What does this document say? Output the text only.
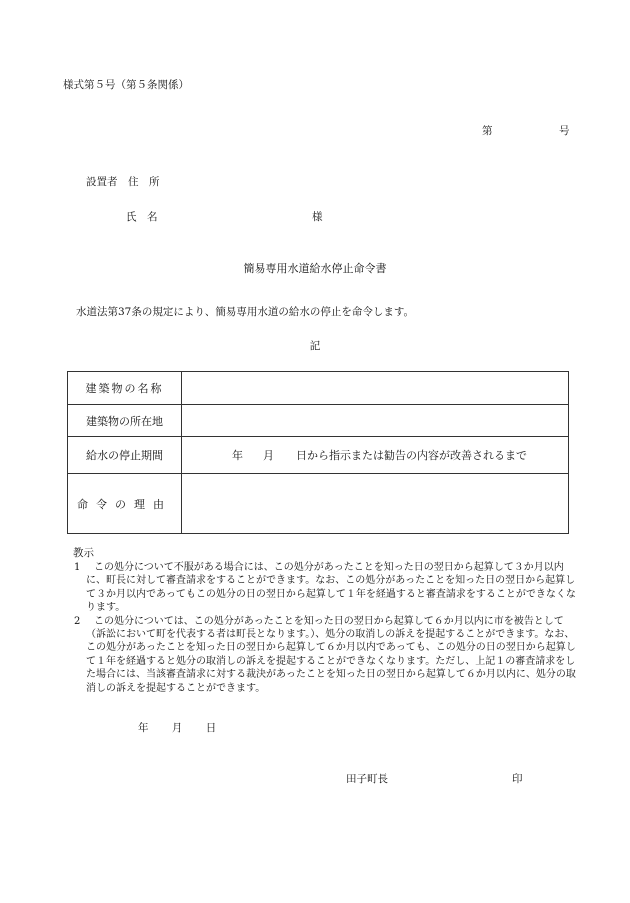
様式第５号（第５条関係）
第	号
設置者　住　所
氏　名	様
簡易専用水道給水停止命令書
水道法第37条の規定により、簡易専用水道の給水の停止を命令します。
記
建築物の名称	
建築物の所在地	
給水の停止期間	年 月 日から指示または勧告の内容が改善されるまで

命令の理由	
教示
1 この処分について不服がある場合には、この処分があったことを知った日の翌日から起算して３か月以内に、町長に対して審査請求をすることができます。なお、この処分があったことを知った日の翌日から起算して３か月以内であってもこの処分の日の翌日から起算して１年を経過すると審査請求をすることができなくなります。
2 この処分については、この処分があったことを知った日の翌日から起算して６か月以内に市を被告として（訴訟において町を代表する者は町長となります。）、処分の取消しの訴えを提起することができます。なお、この処分があったことを知った日の翌日から起算して６か月以内であっても、この処分の日の翌日から起算して１年を経過すると処分の取消しの訴えを提起することができなくなります。ただし、上記１の審査請求をした場合には、当該審査請求に対する裁決があったことを知った日の翌日から起算して６か月以内に、処分の取消しの訴えを提起することができます。
年 月 日
田子町長	印
